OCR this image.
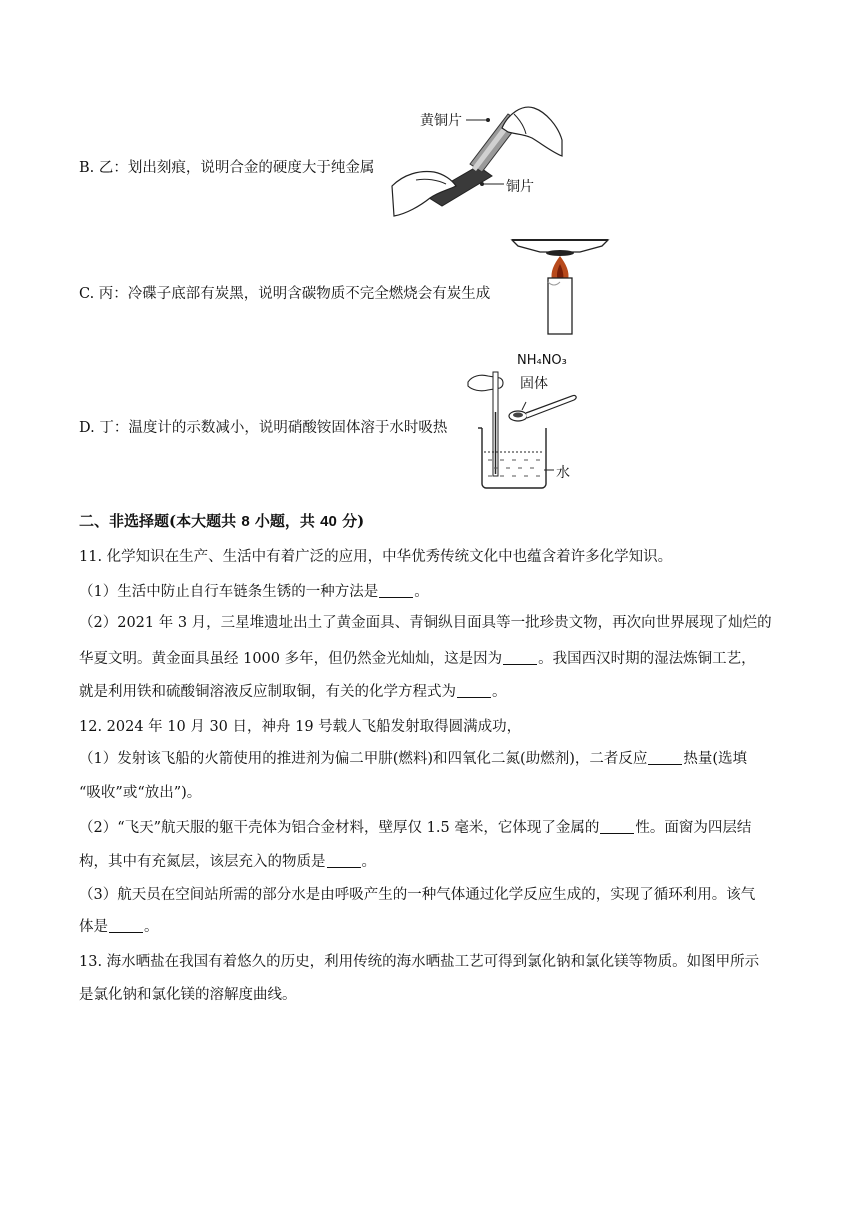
B. 乙：划出刻痕，说明合金的硬度大于纯金属
黄铜片
铜片
C. 丙：冷碟子底部有炭黑，说明含碳物质不完全燃烧会有炭生成
D. 丁：温度计的示数减小，说明硝酸铵固体溶于水时吸热
NH₄NO₃
固体
水
二、非选择题(本大题共 8 小题，共 40 分)
11. 化学知识在生产、生活中有着广泛的应用，中华优秀传统文化中也蕴含着许多化学知识。
（1）生活中防止自行车链条生锈的一种方法是 。
（2）2021 年 3 月，三星堆遗址出土了黄金面具、青铜纵目面具等一批珍贵文物，再次向世界展现了灿烂的
华夏文明。黄金面具虽经 1000 多年，但仍然金光灿灿，这是因为 。我国西汉时期的湿法炼铜工艺，
就是利用铁和硫酸铜溶液反应制取铜，有关的化学方程式为 。
12. 2024 年 10 月 30 日，神舟 19 号载人飞船发射取得圆满成功，
（1）发射该飞船的火箭使用的推进剂为偏二甲肼(燃料)和四氧化二氮(助燃剂)，二者反应 热量(选填
“吸收”或“放出”)。
（2）“飞天”航天服的躯干壳体为铝合金材料，壁厚仅 1.5 毫米，它体现了金属的 性。面窗为四层结
构，其中有充氮层，该层充入的物质是 。
（3）航天员在空间站所需的部分水是由呼吸产生的一种气体通过化学反应生成的，实现了循环利用。该气
体是 。
13. 海水晒盐在我国有着悠久的历史，利用传统的海水晒盐工艺可得到氯化钠和氯化镁等物质。如图甲所示
是氯化钠和氯化镁的溶解度曲线。
